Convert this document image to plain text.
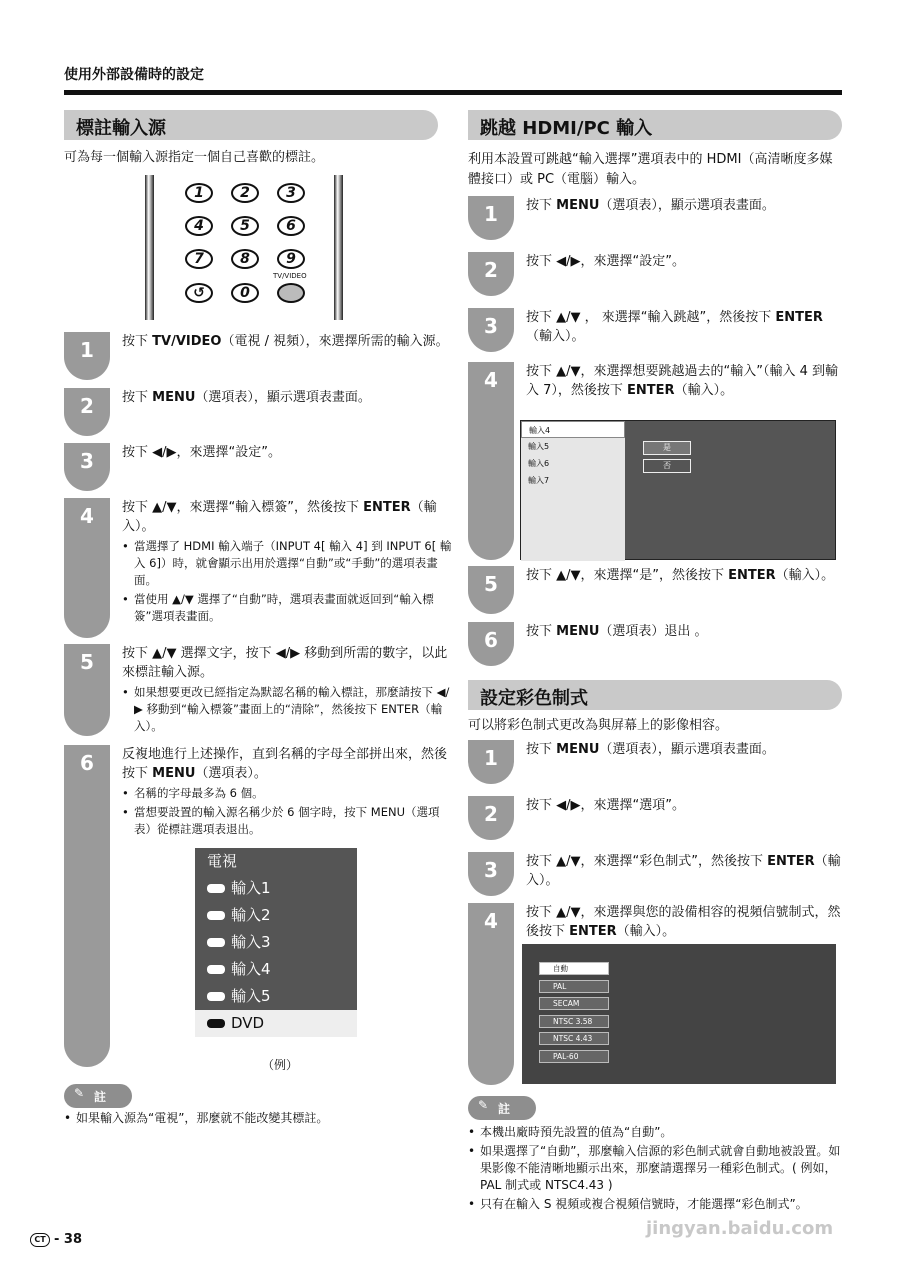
使用外部設備時的設定
標註輸入源
可為每一個輸入源指定一個自己喜歡的標註。
1	2	3
4	5	6
7	8	9
TV/VIDEO
↺	0
1	按下 TV/VIDEO（電視 / 視頻），來選擇所需的輸入源。
2	按下 MENU（選項表），顯示選項表畫面。
3	按下 ◀/▶，來選擇“設定”。
4	按下 ▲/▼，來選擇“輸入標簽”，然後按下 ENTER（輸入）。
• 當選擇了 HDMI 輸入端子（INPUT 4[ 輸入 4] 到 INPUT 6[ 輸入 6]）時，就會顯示出用於選擇“自動”或“手動”的選項表畫面。
• 當使用 ▲/▼ 選擇了“自動”時，選項表畫面就返回到“輸入標簽”選項表畫面。
5	按下 ▲/▼ 選擇文字，按下 ◀/▶ 移動到所需的數字，以此來標註輸入源。
• 如果想要更改已經指定為默認名稱的輸入標註，那麼請按下 ◀/▶ 移動到“輸入標簽”畫面上的“清除”，然後按下 ENTER（輸入）。
6	反複地進行上述操作，直到名稱的字母全部拼出來，然後按下 MENU（選項表）。
• 名稱的字母最多為 6 個。
• 當想要設置的輸入源名稱少於 6 個字時，按下 MENU（選項表）從標註選項表退出。
電視
輸入1
輸入2
輸入3
輸入4
輸入5
DVD
（例）
✎ 註
• 如果輸入源為“電視”，那麼就不能改變其標註。
跳越 HDMI/PC 輸入
利用本設置可跳越“輸入選擇”選項表中的 HDMI（高清晰度多媒體接口）或 PC（電腦）輸入。
1	按下 MENU（選項表），顯示選項表畫面。
2	按下 ◀/▶，來選擇“設定”。
3	按下 ▲/▼ ， 來選擇“輸入跳越”，然後按下 ENTER（輸入）。
4	按下 ▲/▼，來選擇想要跳越過去的“輸入”（輸入 4 到輸入 7），然後按下 ENTER（輸入）。
輸入4
輸入5
輸入6
輸入7
是
否
5	按下 ▲/▼，來選擇“是”，然後按下 ENTER（輸入）。
6	按下 MENU（選項表）退出 。
設定彩色制式
可以將彩色制式更改為與屏幕上的影像相容。
1	按下 MENU（選項表），顯示選項表畫面。
2	按下 ◀/▶，來選擇“選項”。
3	按下 ▲/▼，來選擇“彩色制式”，然後按下 ENTER（輸入）。
4	按下 ▲/▼，來選擇與您的設備相容的視頻信號制式，然後按下 ENTER（輸入）。
自動
PAL
SECAM
NTSC 3.58
NTSC 4.43
PAL-60
✎ 註
• 本機出廠時預先設置的值為“自動”。
• 如果選擇了“自動”，那麼輸入信源的彩色制式就會自動地被設置。如果影像不能清晰地顯示出來，那麼請選擇另一種彩色制式。( 例如，PAL 制式或 NTSC4.43 )
• 只有在輸入 S 視頻或複合視頻信號時，才能選擇“彩色制式”。
CT - 38
jingyan.baidu.com
